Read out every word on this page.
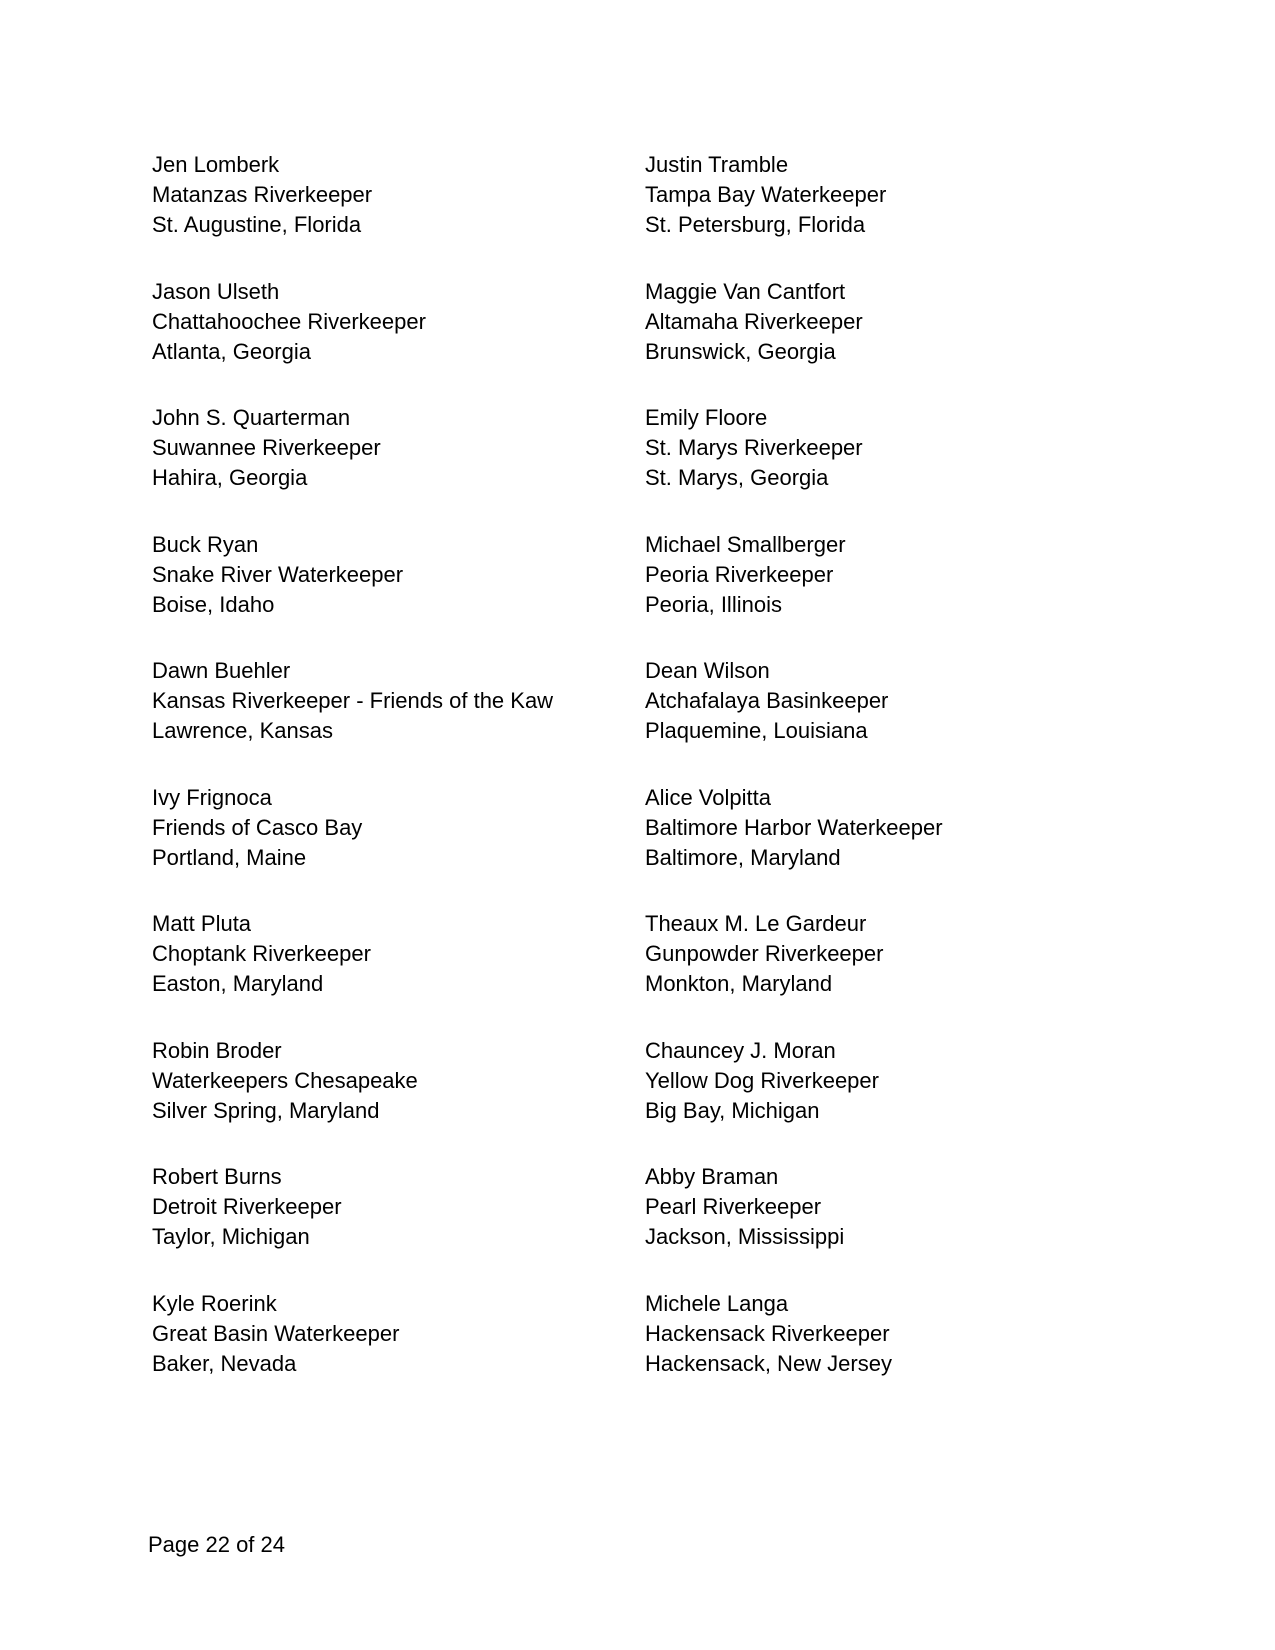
Jen Lomberk
Matanzas Riverkeeper
St. Augustine, Florida
Justin Tramble
Tampa Bay Waterkeeper
St. Petersburg, Florida
Jason Ulseth
Chattahoochee Riverkeeper
Atlanta, Georgia
Maggie Van Cantfort
Altamaha Riverkeeper
Brunswick, Georgia
John S. Quarterman
Suwannee Riverkeeper
Hahira, Georgia
Emily Floore
St. Marys Riverkeeper
St. Marys, Georgia
Buck Ryan
Snake River Waterkeeper
Boise, Idaho
Michael Smallberger
Peoria Riverkeeper
Peoria, Illinois
Dawn Buehler
Kansas Riverkeeper - Friends of the Kaw
Lawrence, Kansas
Dean Wilson
Atchafalaya Basinkeeper
Plaquemine, Louisiana
Ivy Frignoca
Friends of Casco Bay
Portland, Maine
Alice Volpitta
Baltimore Harbor Waterkeeper
Baltimore, Maryland
Matt Pluta
Choptank Riverkeeper
Easton, Maryland
Theaux M. Le Gardeur
Gunpowder Riverkeeper
Monkton, Maryland
Robin Broder
Waterkeepers Chesapeake
Silver Spring, Maryland
Chauncey J. Moran
Yellow Dog Riverkeeper
Big Bay, Michigan
Robert Burns
Detroit Riverkeeper
Taylor, Michigan
Abby Braman
Pearl Riverkeeper
Jackson, Mississippi
Kyle Roerink
Great Basin Waterkeeper
Baker, Nevada
Michele Langa
Hackensack Riverkeeper
Hackensack, New Jersey
Page 22 of 24
